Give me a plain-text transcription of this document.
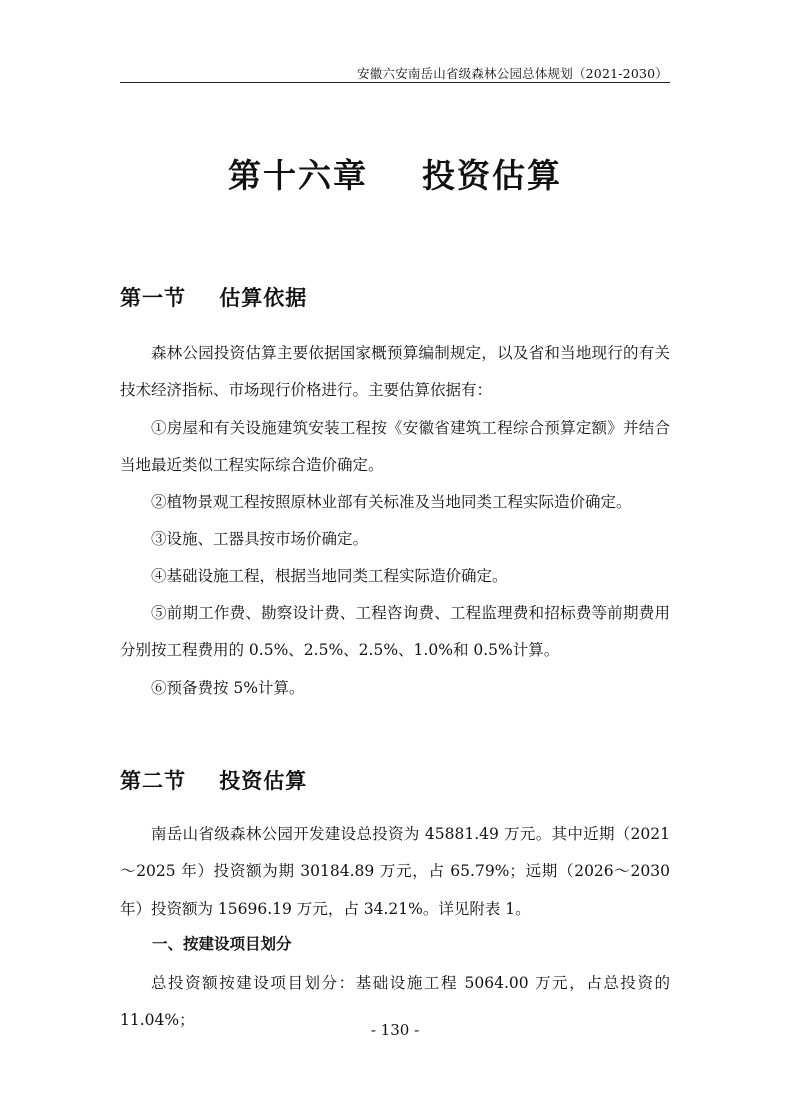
安徽六安南岳山省级森林公园总体规划（2021-2030）
第十六章    投资估算
第一节    估算依据
森林公园投资估算主要依据国家概预算编制规定，以及省和当地现行的有关技术经济指标、市场现行价格进行。主要估算依据有：
①房屋和有关设施建筑安装工程按《安徽省建筑工程综合预算定额》并结合当地最近类似工程实际综合造价确定。
②植物景观工程按照原林业部有关标准及当地同类工程实际造价确定。
③设施、工器具按市场价确定。
④基础设施工程，根据当地同类工程实际造价确定。
⑤前期工作费、勘察设计费、工程咨询费、工程监理费和招标费等前期费用分别按工程费用的 0.5%、2.5%、2.5%、1.0%和 0.5%计算。
⑥预备费按 5%计算。
第二节    投资估算
南岳山省级森林公园开发建设总投资为 45881.49 万元。其中近期（2021～2025 年）投资额为期 30184.89 万元，占 65.79%；远期（2026～2030 年）投资额为 15696.19 万元，占 34.21%。详见附表 1。
一、按建设项目划分
总投资额按建设项目划分：基础设施工程 5064.00 万元，占总投资的 11.04%；
- 130 -
